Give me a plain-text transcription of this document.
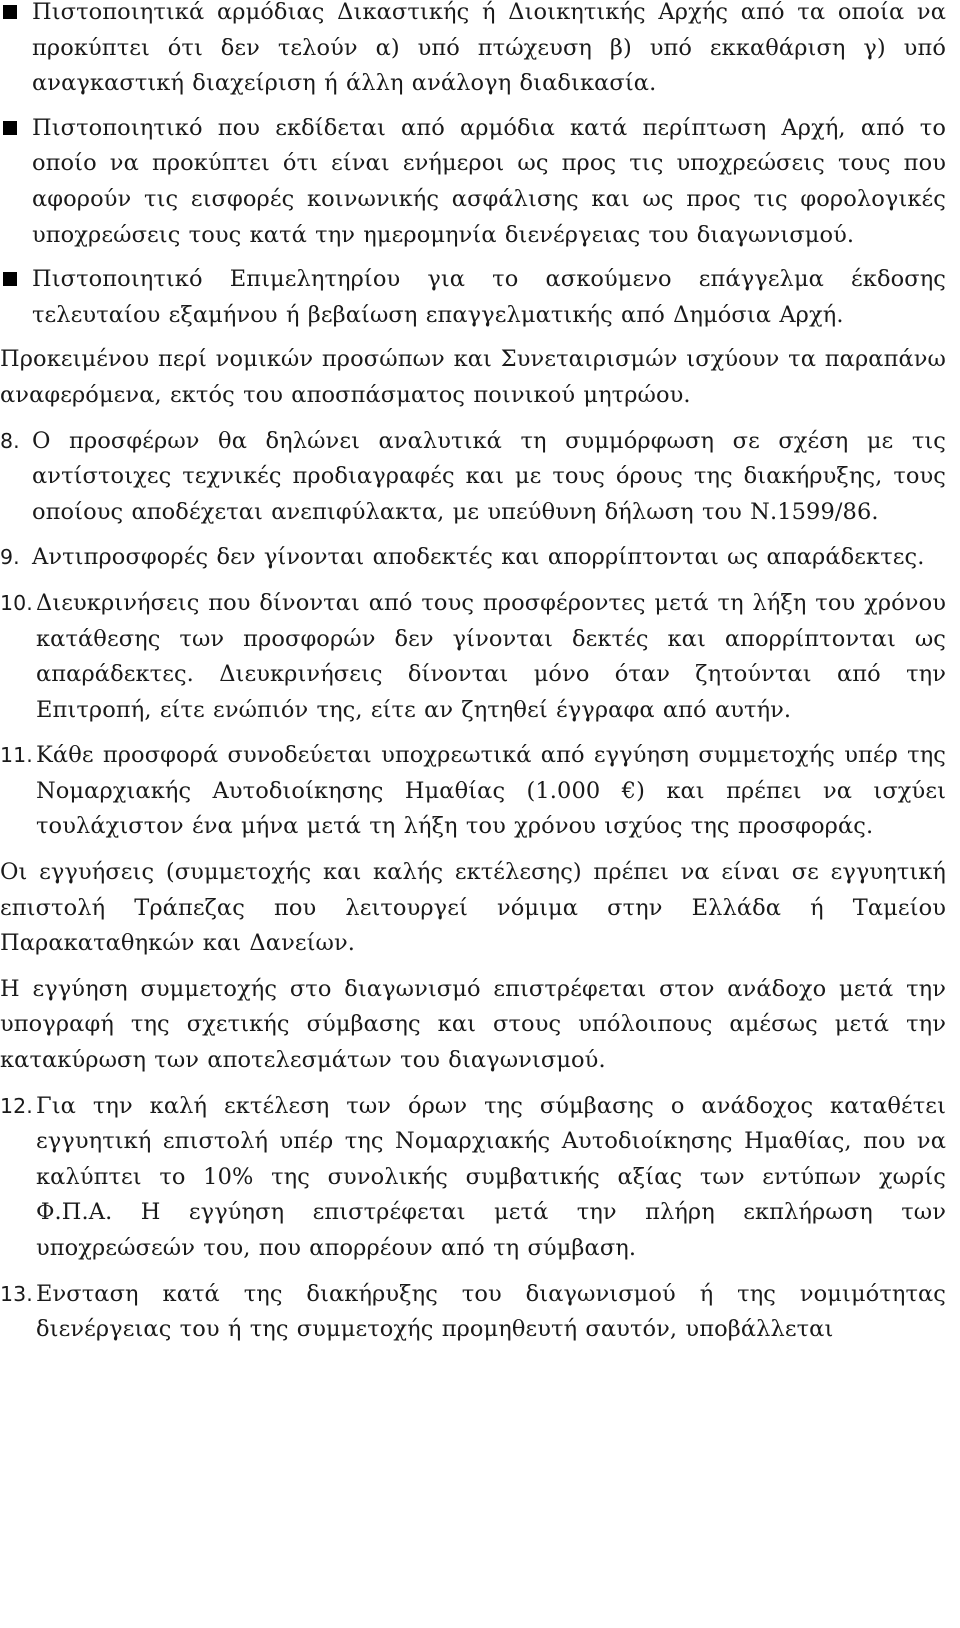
Πιστοποιητικά αρμόδιας Δικαστικής ή Διοικητικής Αρχής από τα οποία να προκύπτει ότι δεν τελούν α) υπό πτώχευση β) υπό εκκαθάριση γ) υπό αναγκαστική διαχείριση ή άλλη ανάλογη διαδικασία.
Πιστοποιητικό που εκδίδεται από αρμόδια κατά περίπτωση Αρχή, από το οποίο να προκύπτει ότι είναι ενήμεροι ως προς τις υποχρεώσεις τους που αφορούν τις εισφορές κοινωνικής ασφάλισης και ως προς τις φορολογικές υποχρεώσεις τους κατά την ημερομηνία διενέργειας του διαγωνισμού.
Πιστοποιητικό Επιμελητηρίου για το ασκούμενο επάγγελμα έκδοσης τελευταίου εξαμήνου ή βεβαίωση επαγγελματικής από Δημόσια Αρχή.

Προκειμένου περί νομικών προσώπων και Συνεταιρισμών ισχύουν τα παραπάνω αναφερόμενα, εκτός του αποσπάσματος ποινικού μητρώου.

8. Ο προσφέρων θα δηλώνει αναλυτικά τη συμμόρφωση σε σχέση με τις αντίστοιχες τεχνικές προδιαγραφές και με τους όρους της διακήρυξης, τους οποίους αποδέχεται ανεπιφύλακτα, με υπεύθυνη δήλωση του Ν.1599/86.
9. Αντιπροσφορές δεν γίνονται αποδεκτές και απορρίπτονται ως απαράδεκτες.
10. Διευκρινήσεις που δίνονται από τους προσφέροντες μετά τη λήξη του χρόνου κατάθεσης των προσφορών δεν γίνονται δεκτές και απορρίπτονται ως απαράδεκτες. Διευκρινήσεις δίνονται μόνο όταν ζητούνται από την Επιτροπή, είτε ενώπιόν της, είτε αν ζητηθεί έγγραφα από αυτήν.
11. Κάθε προσφορά συνοδεύεται υποχρεωτικά από εγγύηση συμμετοχής υπέρ της Νομαρχιακής Αυτοδιοίκησης Ημαθίας (1.000 €) και πρέπει να ισχύει τουλάχιστον ένα μήνα μετά τη λήξη του χρόνου ισχύος της προσφοράς.

Οι εγγυήσεις (συμμετοχής και καλής εκτέλεσης) πρέπει να είναι σε εγγυητική επιστολή Τράπεζας που λειτουργεί νόμιμα στην Ελλάδα ή Ταμείου Παρακαταθηκών και Δανείων.

Η εγγύηση συμμετοχής στο διαγωνισμό επιστρέφεται στον ανάδοχο μετά την υπογραφή της σχετικής σύμβασης και στους υπόλοιπους αμέσως μετά την κατακύρωση των αποτελεσμάτων του διαγωνισμού.

12. Για την καλή εκτέλεση των όρων της σύμβασης ο ανάδοχος καταθέτει εγγυητική επιστολή υπέρ της Νομαρχιακής Αυτοδιοίκησης Ημαθίας, που να καλύπτει το 10% της συνολικής συμβατικής αξίας των εντύπων χωρίς Φ.Π.Α. Η εγγύηση επιστρέφεται μετά την πλήρη εκπλήρωση των υποχρεώσεών του, που απορρέουν από τη σύμβαση.
13. Ενσταση κατά της διακήρυξης του διαγωνισμού ή της νομιμότητας διενέργειας του ή της συμμετοχής προμηθευτή σαυτόν, υποβάλλεται
